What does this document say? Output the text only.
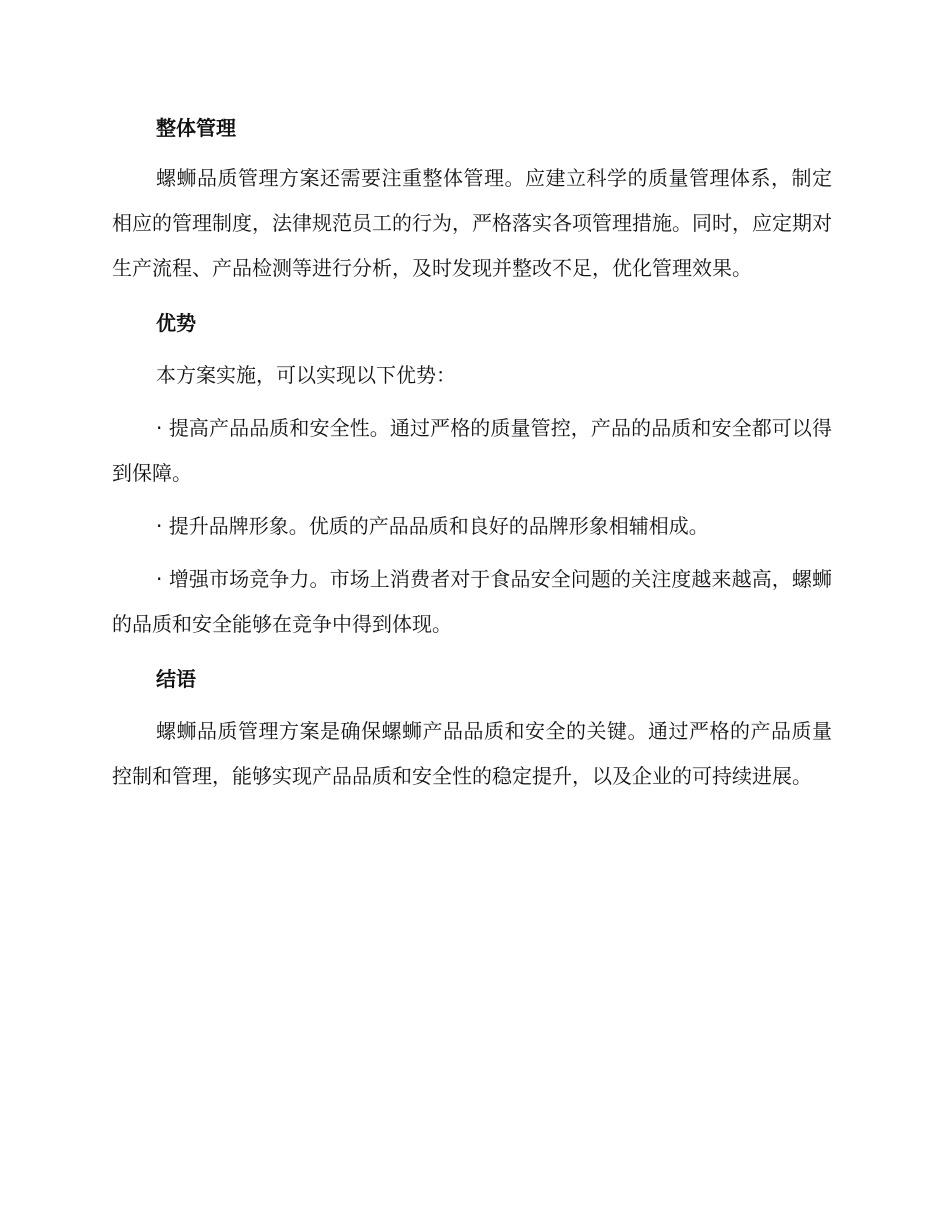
整体管理

螺蛳品质管理方案还需要注重整体管理。应建立科学的质量管理体系，制定相应的管理制度，法律规范员工的行为，严格落实各项管理措施。同时，应定期对生产流程、产品检测等进行分析，及时发现并整改不足，优化管理效果。

优势

本方案实施，可以实现以下优势：

· 提高产品品质和安全性。通过严格的质量管控，产品的品质和安全都可以得到保障。

· 提升品牌形象。优质的产品品质和良好的品牌形象相辅相成。

· 增强市场竞争力。市场上消费者对于食品安全问题的关注度越来越高，螺蛳的品质和安全能够在竞争中得到体现。

结语

螺蛳品质管理方案是确保螺蛳产品品质和安全的关键。通过严格的产品质量控制和管理，能够实现产品品质和安全性的稳定提升，以及企业的可持续进展。
